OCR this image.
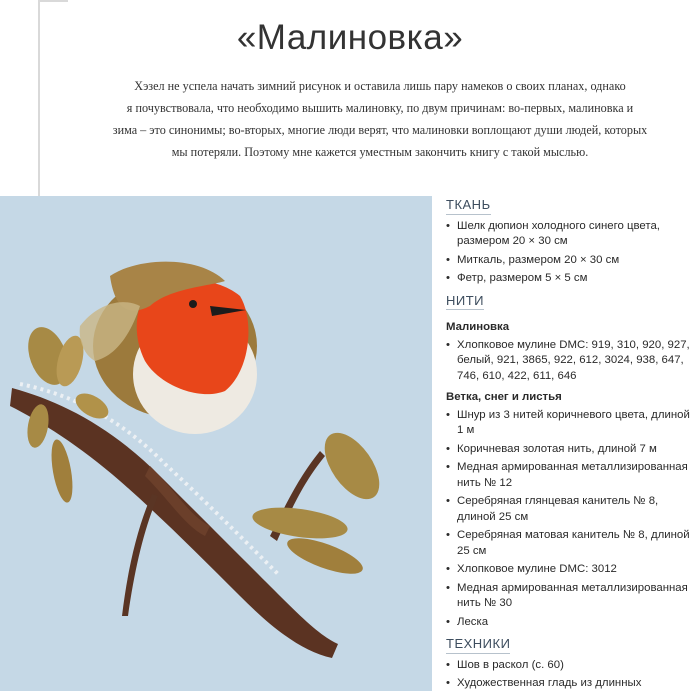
«Малиновка»
Хэзел не успела начать зимний рисунок и оставила лишь пару намеков о своих планах, однако
я почувствовала, что необходимо вышить малиновку, по двум причинам: во-первых, малиновка и
зима – это синонимы; во-вторых, многие люди верят, что малиновки воплощают души людей, которых
мы потеряли. Поэтому мне кажется уместным закончить книгу с такой мыслью.
ТКАНЬ
• Шелк дюпион холодного синего цвета, размером 20 × 30 см
• Миткаль, размером 20 × 30 см
• Фетр, размером 5 × 5 см
НИТИ
Малиновка
• Хлопковое мулине DMC: 919, 310, 920, 927, белый, 921, 3865, 922, 612, 3024, 938, 647, 746, 610, 422, 611, 646
Ветка, снег и листья
• Шнур из 3 нитей коричневого цвета, длиной 1 м
• Коричневая золотая нить, длиной 7 м
• Медная армированная металлизированная нить № 12
• Серебряная глянцевая канитель № 8, длиной 25 см
• Серебряная матовая канитель № 8, длиной 25 см
• Хлопковое мулине DMC: 3012
• Медная армированная металлизированная нить № 30
• Леска
ТЕХНИКИ
• Шов в раскол (с. 60)
• Художественная гладь из длинных
